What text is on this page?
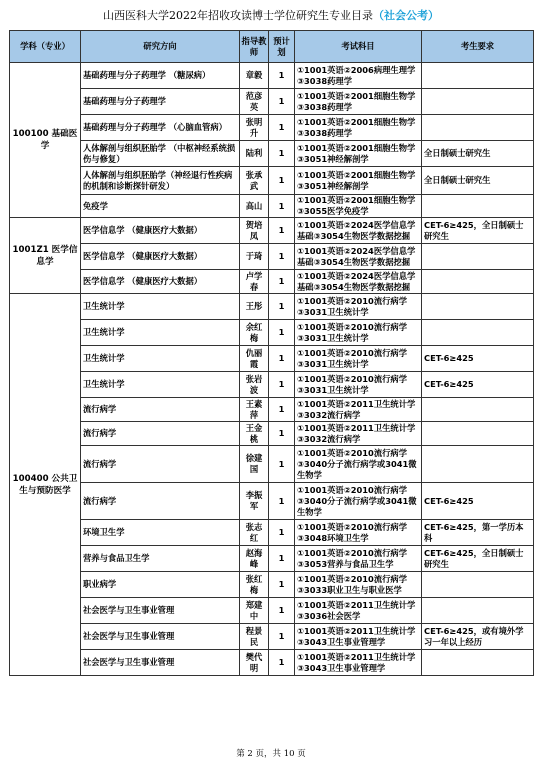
山西医科大学2022年招收攻读博士学位研究生专业目录（社会公考）
学科（专业）	研究方向	指导教师	预计划	考试科目	考生要求
100100 基础医学	基础药理与分子药理学 （糖尿病）	章毅	1	①1001英语②2006病理生理学 ③3038药理学	
	基础药理与分子药理学	范彦英	1	①1001英语②2001细胞生物学 ③3038药理学	
	基础药理与分子药理学 （心脑血管病）	张明升	1	①1001英语②2001细胞生物学 ③3038药理学	
	人体解剖与组织胚胎学 （中枢神经系统损伤与修复）	陆利	1	①1001英语②2001细胞生物学 ③3051神经解剖学	全日制硕士研究生
	人体解剖与组织胚胎学（神经退行性疾病的机制和诊断探针研发）	张承武	1	①1001英语②2001细胞生物学 ③3051神经解剖学	全日制硕士研究生
	免疫学	高山	1	①1001英语②2001细胞生物学 ③3055医学免疫学	
1001Z1 医学信息学	医学信息学 （健康医疗大数据）	贺培凤	1	①1001英语②2024医学信息学基础③3054生物医学数据挖掘	CET-6≥425，全日制硕士研究生
	医学信息学 （健康医疗大数据）	于琦	1	①1001英语②2024医学信息学基础③3054生物医学数据挖掘	
	医学信息学 （健康医疗大数据）	卢学春	1	①1001英语②2024医学信息学基础③3054生物医学数据挖掘	
100400 公共卫生与预防医学	卫生统计学	王彤	1	①1001英语②2010流行病学 ③3031卫生统计学	
	卫生统计学	余红梅	1	①1001英语②2010流行病学 ③3031卫生统计学	
	卫生统计学	仇丽霞	1	①1001英语②2010流行病学 ③3031卫生统计学	CET-6≥425
	卫生统计学	张岩波	1	①1001英语②2010流行病学 ③3031卫生统计学	CET-6≥425
	流行病学	王素萍	1	①1001英语②2011卫生统计学 ③3032流行病学	
	流行病学	王金桃	1	①1001英语②2011卫生统计学 ③3032流行病学	
	流行病学	徐建国	1	①1001英语②2010流行病学 ③3040分子流行病学或3041微生物学	
	流行病学	李振军	1	①1001英语②2010流行病学 ③3040分子流行病学或3041微生物学	CET-6≥425
	环境卫生学	张志红	1	①1001英语②2010流行病学 ③3048环境卫生学	CET-6≥425，第一学历本科
	营养与食品卫生学	赵海峰	1	①1001英语②2010流行病学 ③3053营养与食品卫生学	CET-6≥425，全日制硕士研究生
	职业病学	张红梅	1	①1001英语②2010流行病学 ③3033职业卫生与职业医学	
	社会医学与卫生事业管理	郑建中	1	①1001英语②2011卫生统计学 ③3036社会医学	
	社会医学与卫生事业管理	程景民	1	①1001英语②2011卫生统计学 ③3043卫生事业管理学	CET-6≥425，或有境外学习一年以上经历
	社会医学与卫生事业管理	樊代明	1	①1001英语②2011卫生统计学 ③3043卫生事业管理学	
第 2 页，共 10 页
